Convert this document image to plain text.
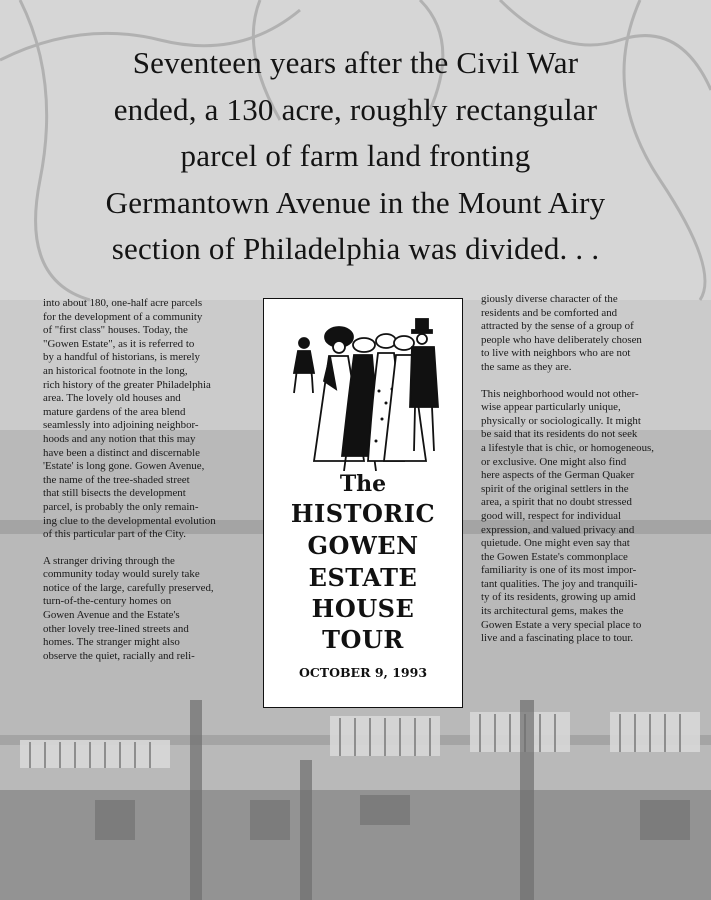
Seventeen years after the Civil War
ended, a 130 acre, roughly rectangular
parcel of farm land fronting
Germantown Avenue in the Mount Airy
section of Philadelphia was divided. . .

into about 180, one-half acre parcels
for the development of a community
of "first class" houses. Today, the
"Gowen Estate", as it is referred to
by a handful of historians, is merely
an historical footnote in the long,
rich history of the greater Philadelphia
area. The lovely old houses and
mature gardens of the area blend
seamlessly into adjoining neighbor-
hoods and any notion that this may
have been a distinct and discernable
'Estate' is long gone. Gowen Avenue,
the name of the tree-shaded street
that still bisects the development
parcel, is probably the only remain-
ing clue to the developmental evolution
of this particular part of the City.

A stranger driving through the
community today would surely take
notice of the large, carefully preserved,
turn-of-the-century homes on
Gowen Avenue and the Estate's
other lovely tree-lined streets and
homes. The stranger might also
observe the quiet, racially and reli-

The
HISTORIC
GOWEN
ESTATE
HOUSE
TOUR
OCTOBER 9, 1993

giously diverse character of the
residents and be comforted and
attracted by the sense of a group of
people who have deliberately chosen
to live with neighbors who are not
the same as they are.

This neighborhood would not other-
wise appear particularly unique,
physically or sociologically. It might
be said that its residents do not seek
a lifestyle that is chic, or homogeneous,
or exclusive. One might also find
here aspects of the German Quaker
spirit of the original settlers in the
area, a spirit that no doubt stressed
good will, respect for individual
expression, and valued privacy and
quietude. One might even say that
the Gowen Estate's commonplace
familiarity is one of its most impor-
tant qualities. The joy and tranquili-
ty of its residents, growing up amid
its architectural gems, makes the
Gowen Estate a very special place to
live and a fascinating place to tour.
